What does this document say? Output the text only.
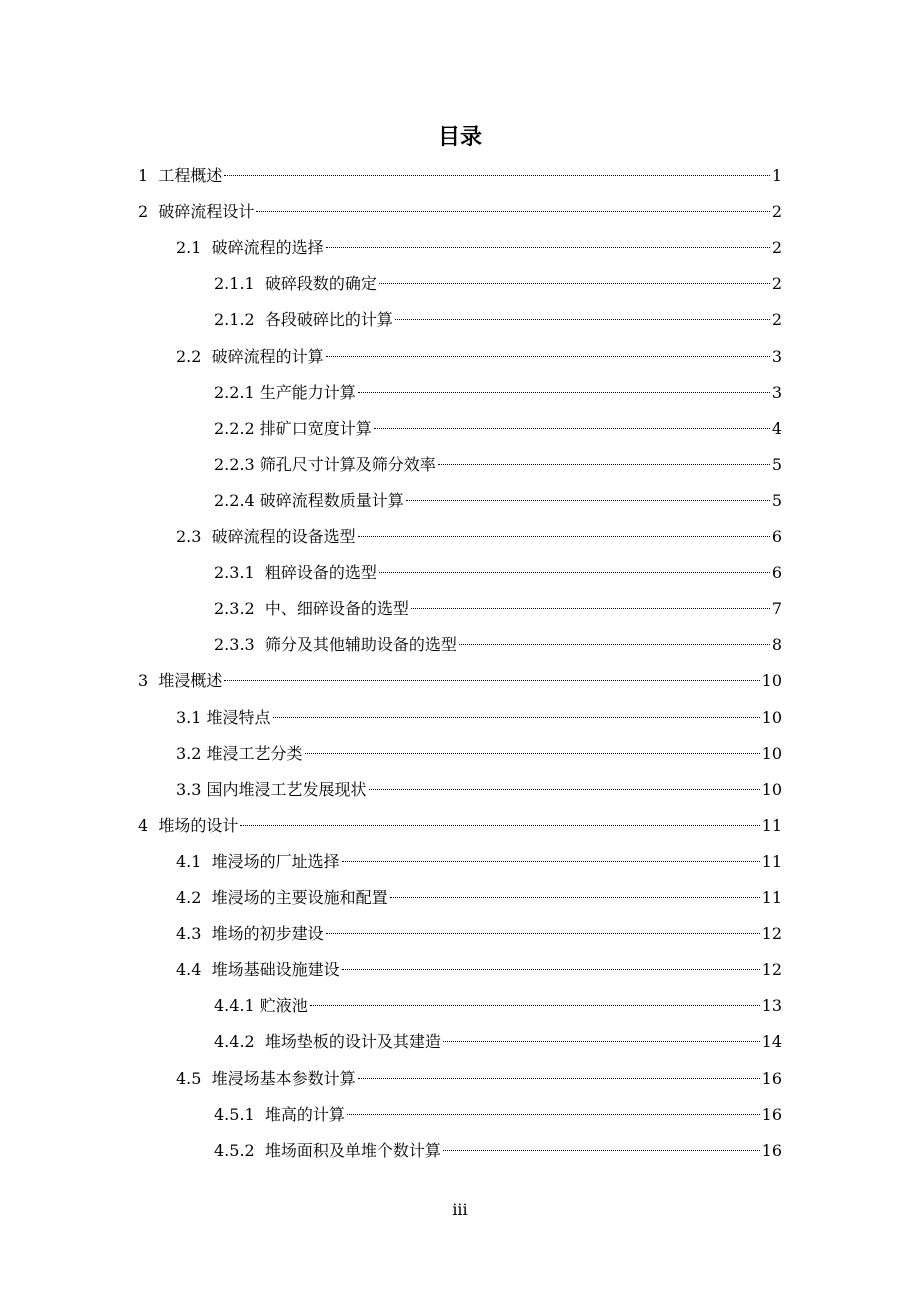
目录
1 工程概述	1
2 破碎流程设计	2
2.1 破碎流程的选择	2
2.1.1 破碎段数的确定	2
2.1.2 各段破碎比的计算	2
2.2 破碎流程的计算	3
2.2.1 生产能力计算	3
2.2.2 排矿口宽度计算	4
2.2.3 筛孔尺寸计算及筛分效率	5
2.2.4 破碎流程数质量计算	5
2.3 破碎流程的设备选型	6
2.3.1 粗碎设备的选型	6
2.3.2 中、细碎设备的选型	7
2.3.3 筛分及其他辅助设备的选型	8
3 堆浸概述	10
3.1 堆浸特点	10
3.2 堆浸工艺分类	10
3.3 国内堆浸工艺发展现状	10
4 堆场的设计	11
4.1 堆浸场的厂址选择	11
4.2 堆浸场的主要设施和配置	11
4.3 堆场的初步建设	12
4.4 堆场基础设施建设	12
4.4.1 贮液池	13
4.4.2 堆场垫板的设计及其建造	14
4.5 堆浸场基本参数计算	16
4.5.1 堆高的计算	16
4.5.2 堆场面积及单堆个数计算	16
iii
